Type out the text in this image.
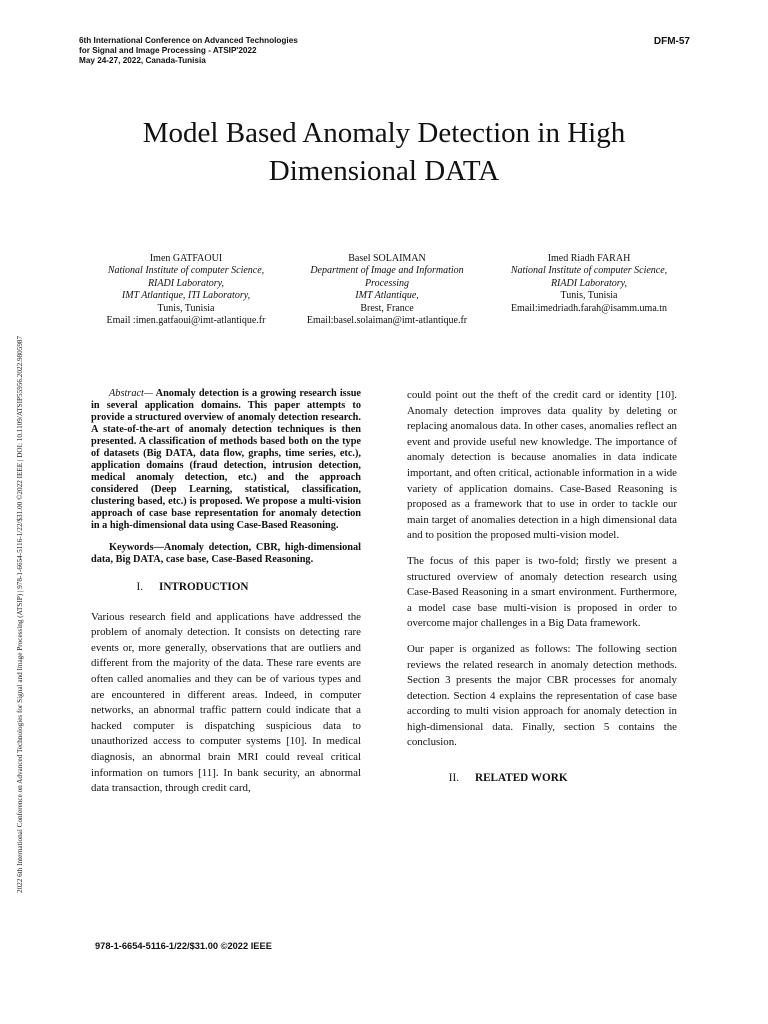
6th International Conference on Advanced Technologies
for Signal and Image Processing - ATSIP'2022
May 24-27, 2022, Canada-Tunisia
DFM-57
2022 6th International Conference on Advanced Technologies for Signal and Image Processing (ATSIP) | 978-1-6654-5116-1/22/$31.00 ©2022 IEEE | DOI: 10.1109/ATSIP55956.2022.9805987
Model Based Anomaly Detection in High
Dimensional DATA
Imen GATFAOUI
National Institute of computer Science,
RIADI Laboratory,
IMT Atlantique, ITI Laboratory,
Tunis, Tunisia
Email :imen.gatfaoui@imt-atlantique.fr
Basel SOLAIMAN
Department of Image and Information
Processing
IMT Atlantique,
Brest, France
Email:basel.solaiman@imt-atlantique.fr
Imed Riadh FARAH
National Institute of computer Science,
RIADI Laboratory,
Tunis, Tunisia
Email:imedriadh.farah@isamm.uma.tn

Abstract— Anomaly detection is a growing research issue in several application domains. This paper attempts to provide a structured overview of anomaly detection research. A state-of-the-art of anomaly detection techniques is then presented. A classification of methods based both on the type of datasets (Big DATA, data flow, graphs, time series, etc.), application domains (fraud detection, intrusion detection, medical anomaly detection, etc.) and the approach considered (Deep Learning, statistical, classification, clustering based, etc.) is proposed. We propose a multi-vision approach of case base representation for anomaly detection in a high-dimensional data using Case-Based Reasoning.

Keywords—Anomaly detection, CBR, high-dimensional data, Big DATA, case base, Case-Based Reasoning.

I.	INTRODUCTION

Various research field and applications have addressed the problem of anomaly detection. It consists on detecting rare events or, more generally, observations that are outliers and different from the majority of the data. These rare events are often called anomalies and they can be of various types and are encountered in different areas. Indeed, in computer networks, an abnormal traffic pattern could indicate that a hacked computer is dispatching suspicious data to unauthorized access to computer systems [10]. In medical diagnosis, an abnormal brain MRI could reveal critical information on tumors [11]. In bank security, an abnormal data transaction, through credit card,

could point out the theft of the credit card or identity [10]. Anomaly detection improves data quality by deleting or replacing anomalous data. In other cases, anomalies reflect an event and provide useful new knowledge. The importance of anomaly detection is because anomalies in data indicate important, and often critical, actionable information in a wide variety of application domains. Case-Based Reasoning is proposed as a framework that to use in order to tackle our main target of anomalies detection in a high dimensional data and to position the proposed multi-vision model.

The focus of this paper is two-fold; firstly we present a structured overview of anomaly detection research using Case-Based Reasoning in a smart environment. Furthermore, a model case base multi-vision is proposed in order to overcome major challenges in a Big Data framework.

Our paper is organized as follows: The following section reviews the related research in anomaly detection methods. Section 3 presents the major CBR processes for anomaly detection. Section 4 explains the representation of case base according to multi vision approach for anomaly detection in high-dimensional data. Finally, section 5 contains the conclusion.

II.	RELATED WORK
978-1-6654-5116-1/22/$31.00 ©2022 IEEE
